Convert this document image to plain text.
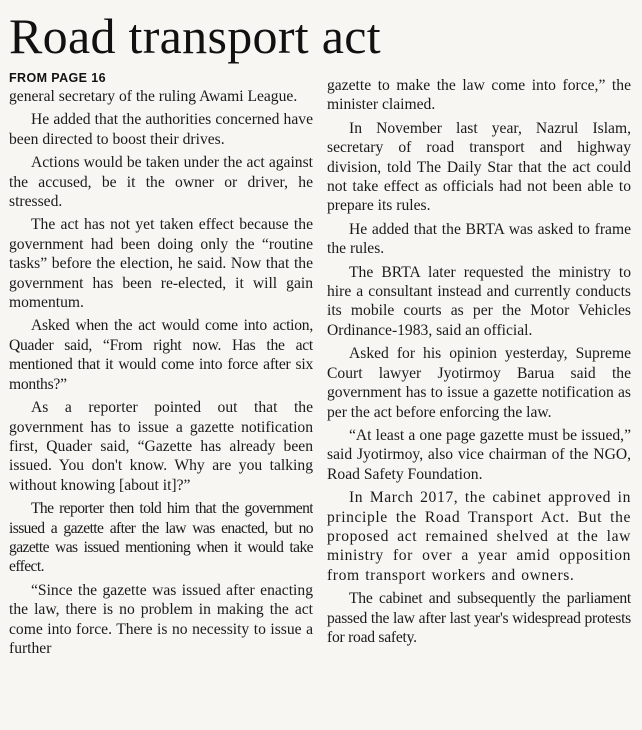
Road transport act
FROM PAGE 16

general secretary of the ruling Awami League.

He added that the authorities concerned have been directed to boost their drives.

Actions would be taken under the act against the accused, be it the owner or driver, he stressed.

The act has not yet taken effect because the government had been doing only the “routine tasks” before the election, he said. Now that the government has been re-elected, it will gain momentum.

Asked when the act would come into action, Quader said, “From right now. Has the act mentioned that it would come into force after six months?”

As a reporter pointed out that the government has to issue a gazette notification first, Quader said, “Gazette has already been issued. You don't know. Why are you talking without knowing [about it]?”

The reporter then told him that the government issued a gazette after the law was enacted, but no gazette was issued mentioning when it would take effect.

“Since the gazette was issued after enacting the law, there is no problem in making the act come into force. There is no necessity to issue a further

gazette to make the law come into force,” the minister claimed.

In November last year, Nazrul Islam, secretary of road transport and highway division, told The Daily Star that the act could not take effect as officials had not been able to prepare its rules.

He added that the BRTA was asked to frame the rules.

The BRTA later requested the ministry to hire a consultant instead and currently conducts its mobile courts as per the Motor Vehicles Ordinance-1983, said an official.

Asked for his opinion yesterday, Supreme Court lawyer Jyotirmoy Barua said the government has to issue a gazette notification as per the act before enforcing the law.

“At least a one page gazette must be issued,” said Jyotirmoy, also vice chairman of the NGO, Road Safety Foundation.

In March 2017, the cabinet approved in principle the Road Transport Act. But the proposed act remained shelved at the law ministry for over a year amid opposition from transport workers and owners.

The cabinet and subsequently the parliament passed the law after last year's widespread protests for road safety.
